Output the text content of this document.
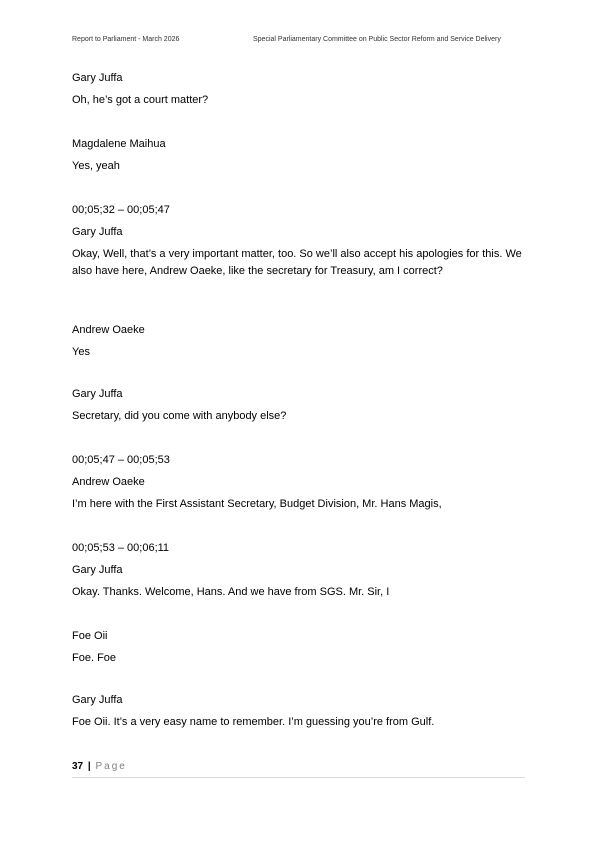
Report to Parliament - March 2026	Special Parliamentary Committee on Public Sector Reform and Service Delivery
Gary Juffa
Oh, he’s got a court matter?
Magdalene Maihua
Yes, yeah
00;05;32 – 00;05;47
Gary Juffa
Okay, Well, that’s a very important matter, too. So we’ll also accept his apologies for this. We also have here, Andrew Oaeke, like the secretary for Treasury, am I correct?
Andrew Oaeke
Yes
Gary Juffa
Secretary, did you come with anybody else?
00;05;47 – 00;05;53
Andrew Oaeke
I’m here with the First Assistant Secretary, Budget Division, Mr. Hans Magis,
00;05;53 – 00;06;11
Gary Juffa
Okay. Thanks. Welcome, Hans. And we have from SGS. Mr. Sir, I
Foe Oii
Foe. Foe
Gary Juffa
Foe Oii. It’s a very easy name to remember. I’m guessing you’re from Gulf.
37 | Page
